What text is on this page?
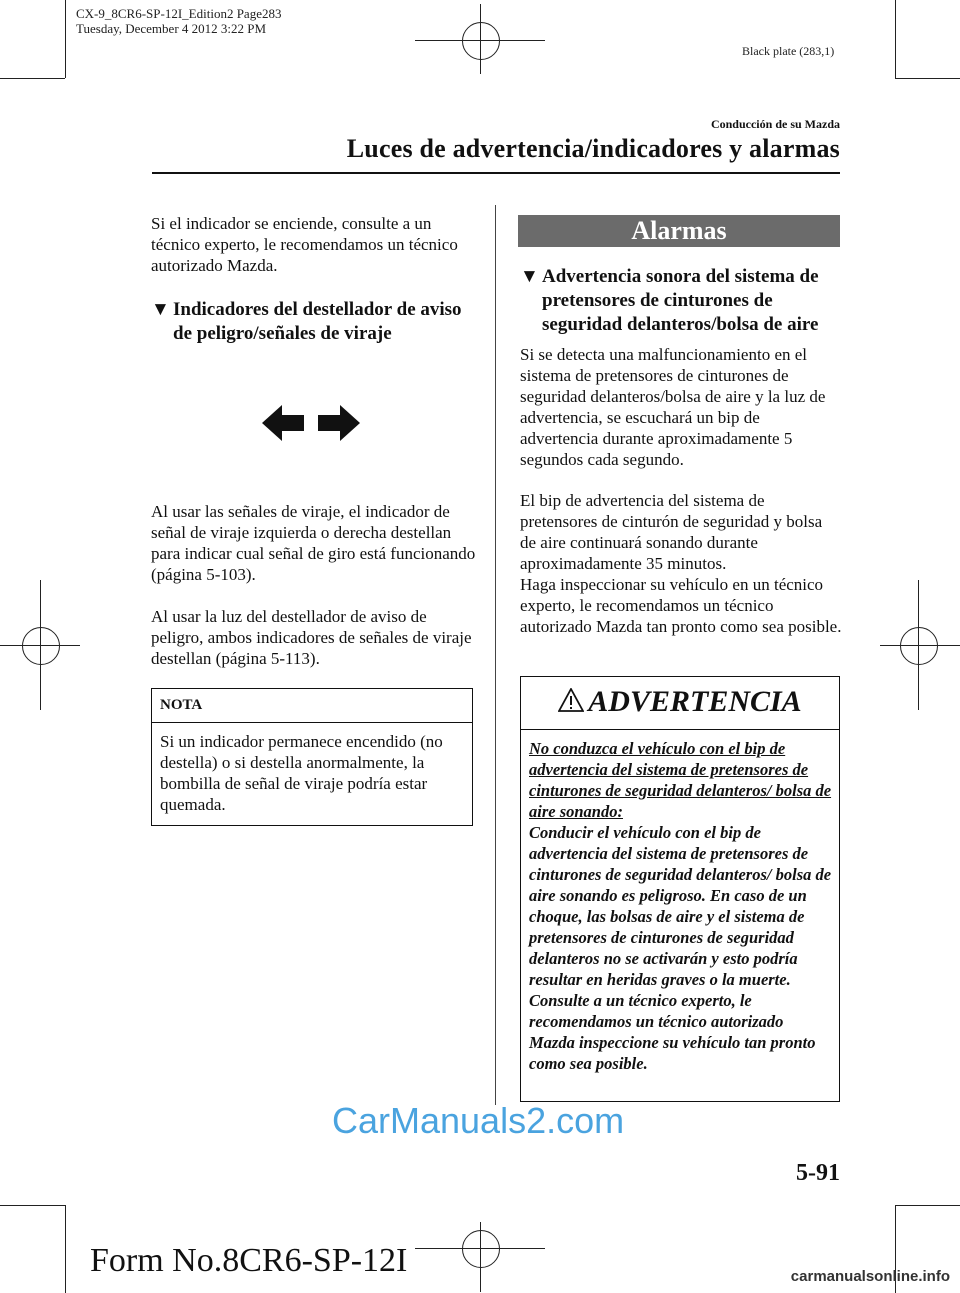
CX-9_8CR6-SP-12I_Edition2 Page283
Tuesday, December 4 2012 3:22 PM
Black plate (283,1)
Conducción de su Mazda
Luces de advertencia/indicadores y alarmas
Si el indicador se enciende, consulte a un técnico experto, le recomendamos un técnico autorizado Mazda.
▼ Indicadores del destellador de aviso de peligro/señales de viraje
Al usar las señales de viraje, el indicador de señal de viraje izquierda o derecha destellan para indicar cual señal de giro está funcionando (página 5-103).
Al usar la luz del destellador de aviso de peligro, ambos indicadores de señales de viraje destellan (página 5-113).
NOTA
Si un indicador permanece encendido (no destella) o si destella anormalmente, la bombilla de señal de viraje podría estar quemada.
Alarmas
▼ Advertencia sonora del sistema de pretensores de cinturones de seguridad delanteros/bolsa de aire
Si se detecta una malfuncionamiento en el sistema de pretensores de cinturones de seguridad delanteros/bolsa de aire y la luz de advertencia, se escuchará un bip de advertencia durante aproximadamente 5 segundos cada segundo.
El bip de advertencia del sistema de pretensores de cinturón de seguridad y bolsa de aire continuará sonando durante aproximadamente 35 minutos.
Haga inspeccionar su vehículo en un técnico experto, le recomendamos un técnico autorizado Mazda tan pronto como sea posible.
ADVERTENCIA
No conduzca el vehículo con el bip de advertencia del sistema de pretensores de cinturones de seguridad delanteros/ bolsa de aire sonando:
Conducir el vehículo con el bip de advertencia del sistema de pretensores de cinturones de seguridad delanteros/ bolsa de aire sonando es peligroso. En caso de un choque, las bolsas de aire y el sistema de pretensores de cinturones de seguridad delanteros no se activarán y esto podría resultar en heridas graves o la muerte.
Consulte a un técnico experto, le recomendamos un técnico autorizado Mazda inspeccione su vehículo tan pronto como sea posible.
CarManuals2.com
5-91
Form No.8CR6-SP-12I	carmanualsonline.info
